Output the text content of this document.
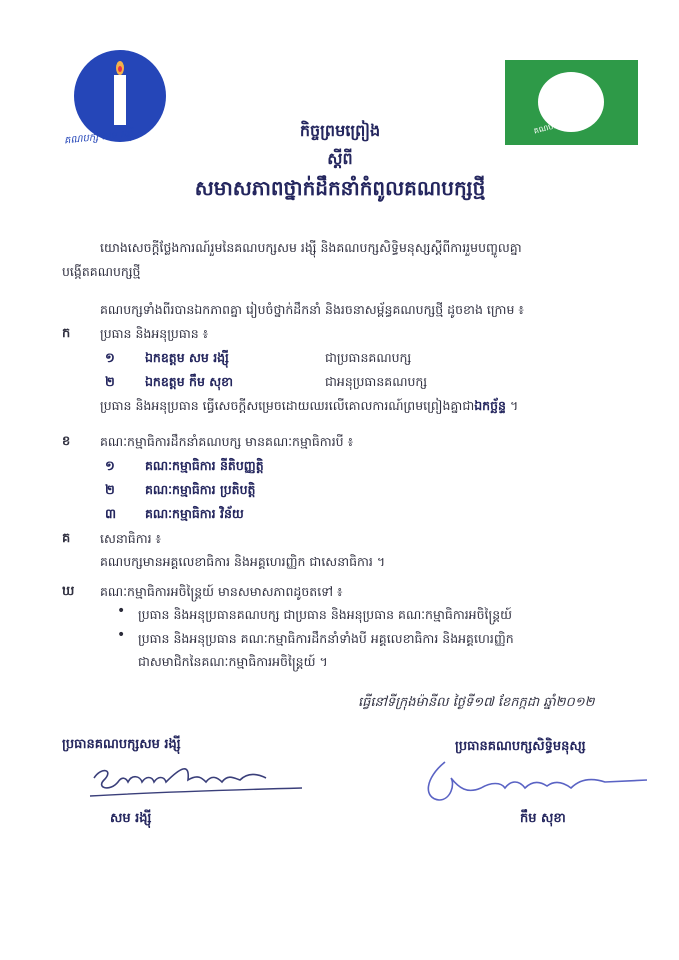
គណបក្ស សម រង្ស៊ី
គណបក្សសិទ្ធិមនុស្ស
កិច្ចព្រមព្រៀង
ស្តីពី
សមាសភាពថ្នាក់ដឹកនាំកំពូលគណបក្សថ្មី
យោងសេចក្តីថ្លែងការណ៍រួមនៃគណបក្សសម រង្ស៊ី និងគណបក្សសិទ្ធិមនុស្សស្តីពីការរួមបញ្ចូលគ្នា
បង្កើតគណបក្សថ្មី
គណបក្សទាំងពីរបានឯកភាពគ្នា រៀបចំថ្នាក់ដឹកនាំ និងរចនាសម្ព័ន្ធគណបក្សថ្មី ដូចខាង ក្រោម ៖
ក ប្រធាន និងអនុប្រធាន ៖
១ ឯកឧត្តម សម រង្ស៊ី	ជាប្រធានគណបក្ស
២ ឯកឧត្តម កឹម សុខា	ជាអនុប្រធានគណបក្ស
ប្រធាន និងអនុប្រធាន ធ្វើសេចក្តីសម្រេចដោយឈរលើគោលការណ៍ព្រមព្រៀងគ្នាជាឯកច្ឆ័ន្ទ ។
ខ គណៈកម្មាធិការដឹកនាំគណបក្ស មានគណៈកម្មាធិការបី ៖
១ គណៈកម្មាធិការ នីតិបញ្ញត្តិ
២ គណៈកម្មាធិការ ប្រតិបត្តិ
៣ គណៈកម្មាធិការ វិន័យ
គ សេនាធិការ ៖
គណបក្សមានអគ្គលេខាធិការ និងអគ្គហេរញ្ញិក ជាសេនាធិការ ។
ឃ គណៈកម្មាធិការអចិន្ត្រៃយ៍ មានសមាសភាពដូចតទៅ ៖
• ប្រធាន និងអនុប្រធានគណបក្ស ជាប្រធាន និងអនុប្រធាន គណៈកម្មាធិការអចិន្ត្រៃយ៍
• ប្រធាន និងអនុប្រធាន គណៈកម្មាធិការដឹកនាំទាំងបី អគ្គលេខាធិការ និងអគ្គហេរញ្ញិក
ជាសមាជិកនៃគណៈកម្មាធិការអចិន្ត្រៃយ៍ ។
ធ្វើនៅទីក្រុងម៉ានីល ថ្ងៃទី១៧ ខែកក្កដា ឆ្នាំ២០១២
ប្រធានគណបក្សសម រង្ស៊ី
សម រង្ស៊ី
ប្រធានគណបក្សសិទ្ធិមនុស្ស
កឹម សុខា
